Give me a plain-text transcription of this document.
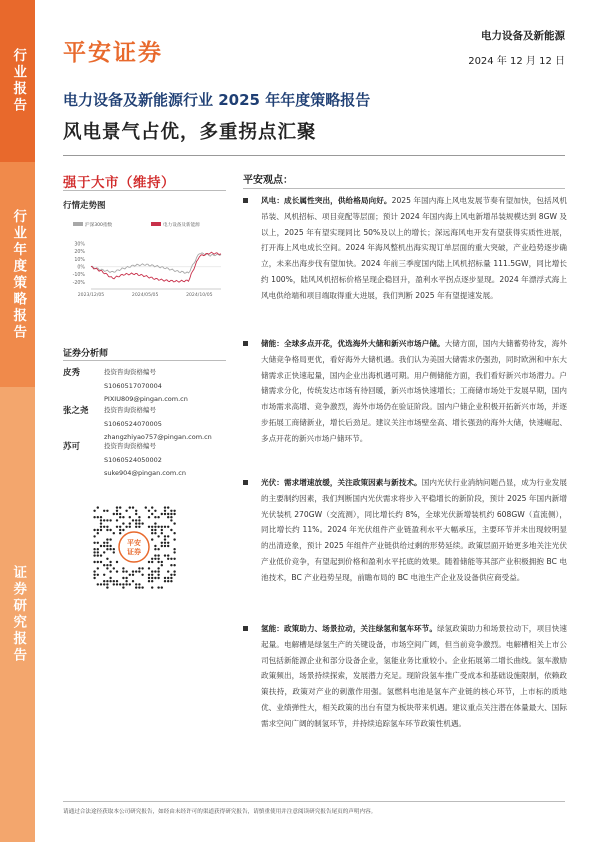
行业报告
行业年度策略报告
证券研究报告
平安证券
电力设备及新能源
2024 年 12 月 12 日
电力设备及新能源行业 2025 年年度策略报告
风电景气占优，多重拐点汇聚
强于大市（维持）
行情走势图
沪深300指数	电力设备及新能源
30%
20%
10%
0%
-10%
-20%
2023/12/05	2024/05/05	2024/10/05
证券分析师
皮秀	投资咨询资格编号
S1060517070004
PIXIU809@pingan.com.cn
张之尧 投资咨询资格编号
S1060524070005
zhangzhiyao757@pingan.com.cn
苏可	投资咨询资格编号
S1060524050002
suke904@pingan.com.cn
平安
证券
平安观点：
风电：成长属性突出，供给格局向好。2025 年国内海上风电发展节奏有望加快，包括风机吊装、风机招标、项目竞配等层面；预计 2024 年国内海上风电新增吊装规模达到 8GW 及以上，2025 年有望实现同比 50%及以上的增长；深远海风电开发有望获得实质性进展，打开海上风电成长空间。2024 年海风整机出海实现订单层面的重大突破，产业趋势逐步确立，未来出海步伐有望加快。2024 年前三季度国内陆上风机招标量 111.5GW，同比增长约 100%，陆风风机招标价格呈现企稳回升，盈利水平拐点逐步显现。2024 年漂浮式海上风电供给端和项目端取得重大进展，我们判断 2025 年有望提速发展。
储能：全球多点开花，优选海外大储和新兴市场户储。大储方面，国内大储蓄势待发，海外大储竞争格局更优，看好海外大储机遇。我们认为美国大储需求仍强劲，同时欧洲和中东大储需求正快速起量，国内企业出海机遇可期。用户侧储能方面，我们看好新兴市场潜力。户储需求分化，传统发达市场有待回暖，新兴市场快速增长；工商储市场处于发展早期，国内市场需求高增、竞争激烈，海外市场仍在验证阶段。国内户储企业积极开拓新兴市场，并逐步拓展工商储新业，增长后劲足。建议关注市场壁垒高、增长强劲的海外大储，快速崛起、多点开花的新兴市场户储环节。
光伏：需求增速放缓，关注政策因素与新技术。国内光伏行业消纳问题凸显，成为行业发展的主要制约因素，我们判断国内光伏需求将步入平稳增长的新阶段，预计 2025 年国内新增光伏装机 270GW（交流测），同比增长约 8%，全球光伏新增装机约 608GW（直流侧），同比增长约 11%。2024 年光伏组件产业链盈利水平大幅承压，主要环节并未出现较明显的出清迹象，预计 2025 年组件产业链供给过剩的形势延续。政策层面开始更多地关注光伏产业低价竞争，有望起到价格和盈利水平托底的效果。随着储能等其部产业积极拥抱 BC 电池技术，BC 产业趋势呈现，前瞻布局的 BC 电池生产企业及设备供应商受益。
氢能：政策助力、场景拉动，关注绿氢和氢车环节。绿氢政策助力和场景拉动下，项目快速起量。电解槽是绿氢生产的关键设备，市场空间广阔，但当前竞争激烈。电解槽相关上市公司包括新能源企业和部分设备企业，氢能业务比重较小。企业拓展第二增长曲线。氢车激励政策频出，场景持续探索，发展潜力充足。现阶段氢车推广受成本和基础设施限制，依赖政策扶持，政策对产业的刺激作用强。氢燃料电池是氢车产业链的核心环节，上市标的质地优、业绩弹性大，相关政策的出台有望为板块带来机遇。建议重点关注潜在体量最大、国际需求空间广阔的制氢环节，并持续追踪氢车环节政策性机遇。
请通过合法途径获取本公司研究报告，如经由未经许可的渠道获得研究报告，请慎重使用并注意阅读研究报告尾页的声明内容。
